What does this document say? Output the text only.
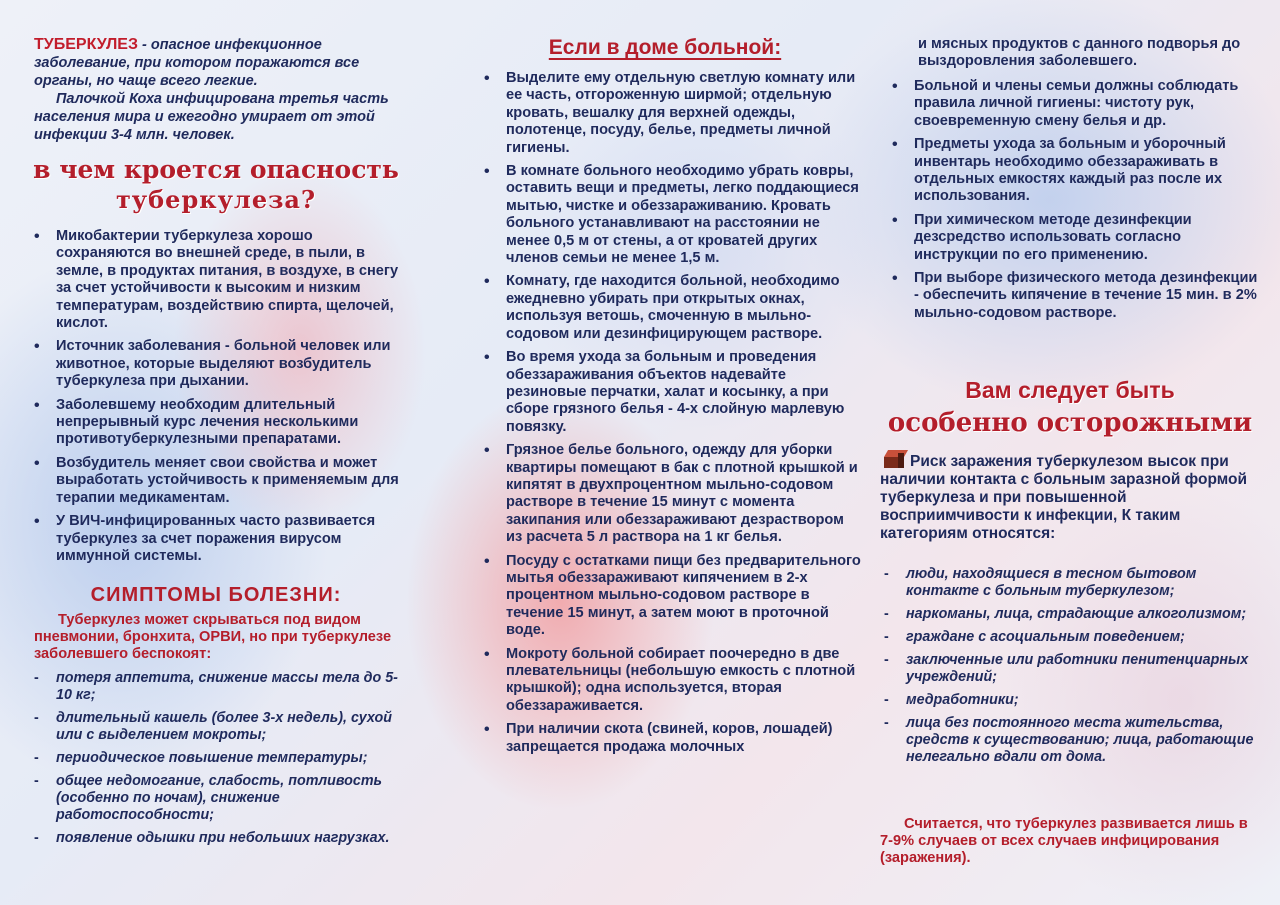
ТУБЕРКУЛЕЗ - опасное инфекционное заболевание, при котором поражаются все органы, но чаще всего легкие.
Палочкой Коха инфицирована третья часть населения мира и ежегодно умирает от этой инфекции 3-4 млн. человек.
в чем кроется опасность
туберкулеза?
• Микобактерии туберкулеза хорошо сохраняются во внешней среде, в пыли, в земле, в продуктах питания, в воздухе, в снегу за счет устойчивости к высоким и низким температурам, воздействию спирта, щелочей, кислот.
• Источник заболевания - больной человек или животное, которые выделяют возбудитель туберкулеза при дыхании.
• Заболевшему необходим длительный непрерывный курс лечения несколькими противотуберкулезными препаратами.
• Возбудитель меняет свои свойства и может выработать устойчивость к применяемым для терапии медикаментам.
• У ВИЧ-инфицированных часто развивается туберкулез за счет поражения вирусом иммунной системы.
СИМПТОМЫ БОЛЕЗНИ:
Туберкулез может скрываться под видом пневмонии, бронхита, ОРВИ, но при туберкулезе заболевшего беспокоят:
- потеря аппетита, снижение массы тела до 5-10 кг;
- длительный кашель (более 3-х недель), сухой или с выделением мокроты;
- периодическое повышение температуры;
- общее недомогание, слабость, потливость (особенно по ночам), снижение работоспособности;
- появление одышки при небольших нагрузках.
Если в доме больной:
• Выделите ему отдельную светлую комнату или ее часть, отгороженную ширмой; отдельную кровать, вешалку для верхней одежды, полотенце, посуду, белье, предметы личной гигиены.
• В комнате больного необходимо убрать ковры, оставить вещи и предметы, легко поддающиеся мытью, чистке и обеззараживанию. Кровать больного устанавливают на расстоянии не менее 0,5 м от стены, а от кроватей других членов семьи не менее 1,5 м.
• Комнату, где находится больной, необходимо ежедневно убирать при открытых окнах, используя ветошь, смоченную в мыльно-содовом или дезинфицирующем растворе.
• Во время ухода за больным и проведения обеззараживания объектов надевайте резиновые перчатки, халат и косынку, а при сборе грязного белья - 4-х слойную марлевую повязку.
• Грязное белье больного, одежду для уборки квартиры помещают в бак с плотной крышкой и кипятят в двухпроцентном мыльно-содовом растворе в течение 15 минут с момента закипания или обеззараживают дезраствором из расчета 5 л раствора на 1 кг белья.
• Посуду с остатками пищи без предварительного мытья обеззараживают кипячением в 2-х процентном мыльно-содовом растворе в течение 15 минут, а затем моют в проточной воде.
• Мокроту больной собирает поочередно в две плевательницы (небольшую емкость с плотной крышкой); одна используется, вторая обеззараживается.
• При наличии скота (свиней, коров, лошадей) запрещается продажа молочных
и мясных продуктов с данного подворья до выздоровления заболевшего.
• Больной и члены семьи должны соблюдать правила личной гигиены: чистоту рук, своевременную смену белья и др.
• Предметы ухода за больным и уборочный инвентарь необходимо обеззараживать в отдельных емкостях каждый раз после их использования.
• При химическом методе дезинфекции дезсредство использовать согласно инструкции по его применению.
• При выборе физического метода дезинфекции - обеспечить кипячение в течение 15 мин. в 2% мыльно-содовом растворе.
Вам следует быть
особенно осторожными
Риск заражения туберкулезом высок при наличии контакта с больным заразной формой туберкулеза и при повышенной восприимчивости к инфекции, К таким категориям относятся:
- люди, находящиеся в тесном бытовом контакте с больным туберкулезом;
- наркоманы, лица, страдающие алкоголизмом;
- граждане с асоциальным поведением;
- заключенные или работники пенитенциарных учреждений;
- медработники;
- лица без постоянного места жительства, средств к существованию; лица, работающие нелегально вдали от дома.
Считается, что туберкулез развивается лишь в 7-9% случаев от всех случаев инфицирования (заражения).
